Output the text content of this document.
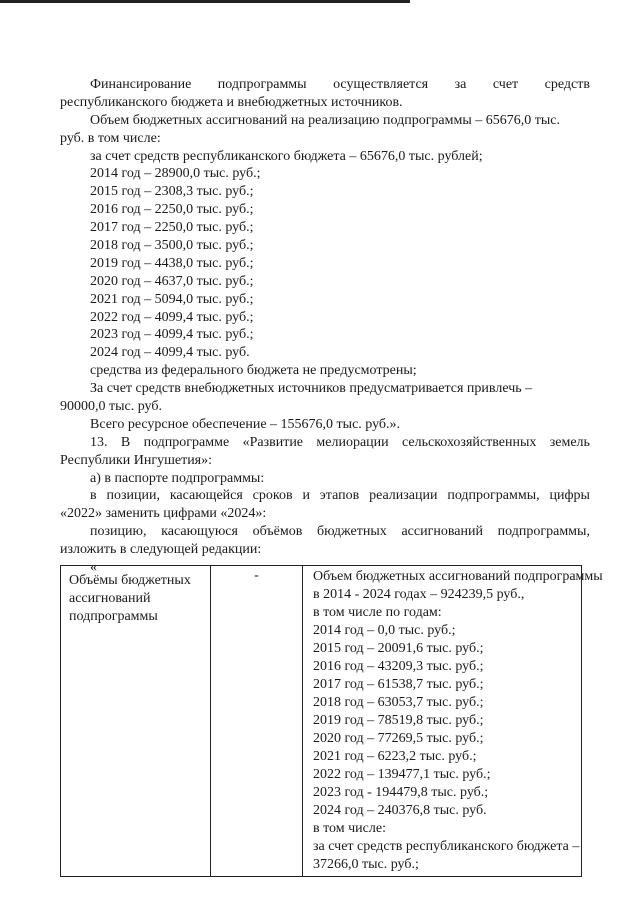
Финансирование подпрограммы осуществляется за счет средств
республиканского бюджета и внебюджетных источников.
Объем бюджетных ассигнований на реализацию подпрограммы – 65676,0 тыс.
руб. в том числе:
за счет средств республиканского бюджета – 65676,0 тыс. рублей;
2014 год – 28900,0 тыс. руб.;
2015 год – 2308,3 тыс. руб.;
2016 год – 2250,0 тыс. руб.;
2017 год – 2250,0 тыс. руб.;
2018 год – 3500,0 тыс. руб.;
2019 год – 4438,0 тыс. руб.;
2020 год – 4637,0 тыс. руб.;
2021 год – 5094,0 тыс. руб.;
2022 год – 4099,4 тыс. руб.;
2023 год – 4099,4 тыс. руб.;
2024 год – 4099,4 тыс. руб.
средства из федерального бюджета не предусмотрены;
За счет средств внебюджетных источников предусматривается привлечь –
90000,0 тыс. руб.
Всего ресурсное обеспечение – 155676,0 тыс. руб.».
13. В подпрограмме «Развитие мелиорации сельскохозяйственных земель
Республики Ингушетия»:
а) в паспорте подпрограммы:
в позиции, касающейся сроков и этапов реализации подпрограммы, цифры
«2022» заменить цифрами «2024»:
позицию, касающуюся объёмов бюджетных ассигнований подпрограммы,
изложить в следующей редакции:
«
Объёмы бюджетных
ассигнований
подпрограммы
-	Объем бюджетных ассигнований подпрограммы
в 2014 - 2024 годах – 924239,5 руб.,
в том числе по годам:
2014 год – 0,0 тыс. руб.;
2015 год – 20091,6 тыс. руб.;
2016 год – 43209,3 тыс. руб.;
2017 год – 61538,7 тыс. руб.;
2018 год – 63053,7 тыс. руб.;
2019 год – 78519,8 тыс. руб.;
2020 год – 77269,5 тыс. руб.;
2021 год – 6223,2 тыс. руб.;
2022 год – 139477,1 тыс. руб.;
2023 год - 194479,8 тыс. руб.;
2024 год – 240376,8 тыс. руб.
в том числе:
за счет средств республиканского бюджета –
37266,0 тыс. руб.;
